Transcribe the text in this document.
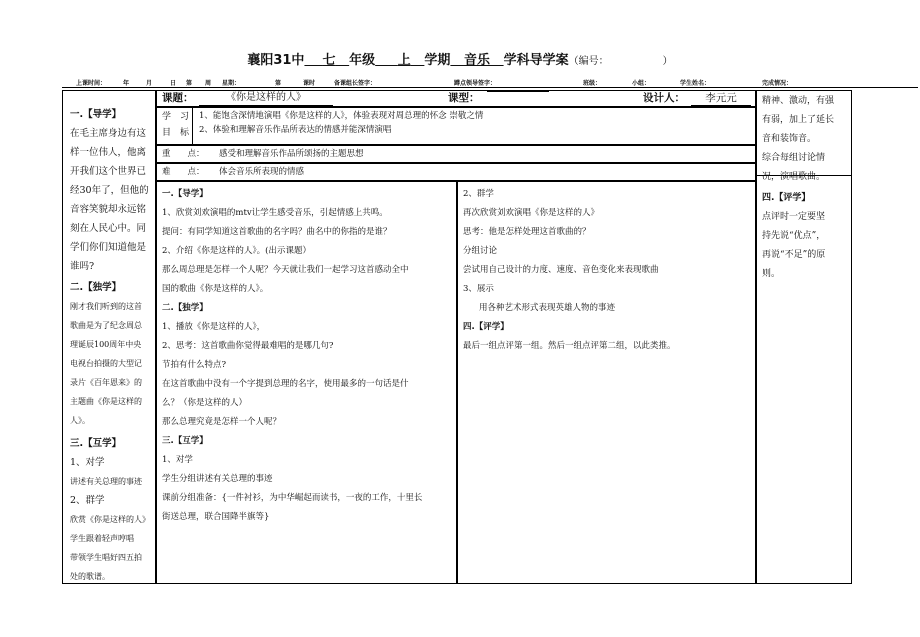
襄阳31中 七 年级 上 学期 音乐 学科导学案（编号：	）
上课时间：	年	月	日 第 周 星期：	第	课时	备课组长签字：	蹲点领导签字：	班级：	小组：	学生姓名：	完成情况：

一.【导学】

在毛主席身边有这

样一位伟人，他离

开我们这个世界已

经30年了，但他的

音容笑貌却永远铭

刻在人民心中。同

学们你们知道他是

谁吗?

二.【独学】

刚才我们听到的这首

歌曲是为了纪念周总

理诞辰100周年中央

电视台拍摄的大型记

录片《百年恩来》的

主题曲《你是这样的

人》。

三.【互学】

1、对学

讲述有关总理的事迹

2、群学

欣赏《你是这样的人》

学生跟着轻声哼唱

带领学生唱好四五拍

处的歌谱。

课题：	《你是这样的人》	课型：	设计人：	李元元
学　习
目　标
1、能饱含深情地演唱《你是这样的人》，体验表现对周总理的怀念 崇敬之情
2、体验和理解音乐作品所表达的情感并能深情演唱
重　　点： 感受和理解音乐作品所颂扬的主题思想
难　　点： 体会音乐所表现的情感

一.【导学】

1、欣赏刘欢演唱的mtv让学生感受音乐，引起情感上共鸣。

提问：有同学知道这首歌曲的名字吗？曲名中的你指的是谁？

2、介绍《你是这样的人》。(出示课题）

那么周总理是怎样一个人呢？今天就让我们一起学习这首感动全中

国的歌曲《你是这样的人》。

二.【独学】

1、播放《你是这样的人》，

2、思考：这首歌曲你觉得最难唱的是哪几句?

节拍有什么特点?

在这首歌曲中没有一个字提到总理的名字，使用最多的一句话是什

么？（你是这样的人）

那么总理究竟是怎样一个人呢？

三.【互学】

1、对学

学生分组讲述有关总理的事迹

课前分组准备：{一件衬衫，为中华崛起而读书，一夜的工作，十里长

街送总理，联合国降半旗等}

2、群学

再次欣赏刘欢演唱《你是这样的人》

思考：他是怎样处理这首歌曲的？

分组讨论

尝试用自己设计的力度、速度、音色变化来表现歌曲

3、展示

用各种艺术形式表现英雄人物的事迹

四.【评学】

最后一组点评第一组。然后一组点评第二组，以此类推。

精神、激动，有强

有弱，加上了延长

音和装饰音。

综合每组讨论情

况，演唱歌曲。

四.【评学】

点评时一定要坚

持先说“优点”，

再说“不足”的原

则。
